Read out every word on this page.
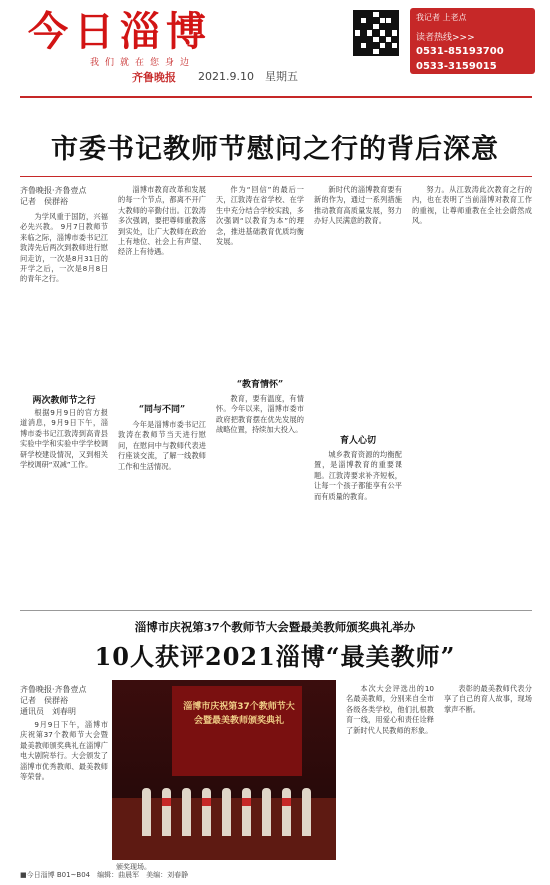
今日淄博
我们就在您身边
齐鲁晚报 2021.9.10　星期五
我记者 上老点
读者热线>>>
0531-85193700
0533-3159015
市委书记教师节慰问之行的背后深意
齐鲁晚报·齐鲁壹点
记者　侯群裕

为学风重于国防，兴福必先兴教。 9月7日教师节来临之际，淄博市委书记江敦涛先后两次到教师进行慰问走访，一次是8月31日的开学之后，一次是8月8日的青年之行。

两次教师节之行

根据9月9日的官方报道消息，9月9日下午，淄博市委书记江敦涛到高青县实验中学和实验中学学校调研学校建设情况，又到相关学校调研“双减”工作。

淄博市教育改革和发展的每一个节点，都离不开广大教师的辛勤付出。江敦涛多次强调，要把尊师重教落到实处，让广大教师在政治上有地位、社会上有声望、经济上有待遇。

“同与不同”

今年是淄博市委书记江敦涛在教师节当天进行慰问，在慰问中与教师代表进行座谈交流，了解一线教师工作和生活情况。

作为“回信”的最后一天，江敦涛在省学校、在学生中充分结合学校实践，多次强调“以教育为本”的理念，推进基础教育优质均衡发展。

“教育情怀”

教育，要有温度，有情怀。今年以来，淄博市委市政府把教育摆在优先发展的战略位置，持续加大投入。

新时代的淄博教育要有新的作为，通过一系列措施推动教育高质量发展，努力办好人民满意的教育。

育人心切

城乡教育资源的均衡配置，是淄博教育的重要课题。江敦涛要求补齐短板，让每一个孩子都能享有公平而有质量的教育。

努力。从江敦涛此次教育之行的内，也在表明了当前淄博对教育工作的重视，让尊师重教在全社会蔚然成风。

淄博市庆祝第37个教师节大会暨最美教师颁奖典礼举办
10人获评2021淄博“最美教师”
齐鲁晚报·齐鲁壹点
记者　侯群裕
通讯员　刘春明

9月9日下午，淄博市庆祝第37个教师节大会暨最美教师颁奖典礼在淄博广电大剧院举行。大会颁发了淄博市优秀教师、最美教师等荣誉。

淄博市庆祝第37个教师节大会暨最美教师颁奖典礼
颁奖现场。

本次大会评选出的10名最美教师，分别来自全市各级各类学校，他们扎根教育一线，用爱心和责任诠释了新时代人民教师的形象。

表彰的最美教师代表分享了自己的育人故事，现场掌声不断。

■今日淄博 B01~B04　编辑：曲晨军　美编：刘春静
